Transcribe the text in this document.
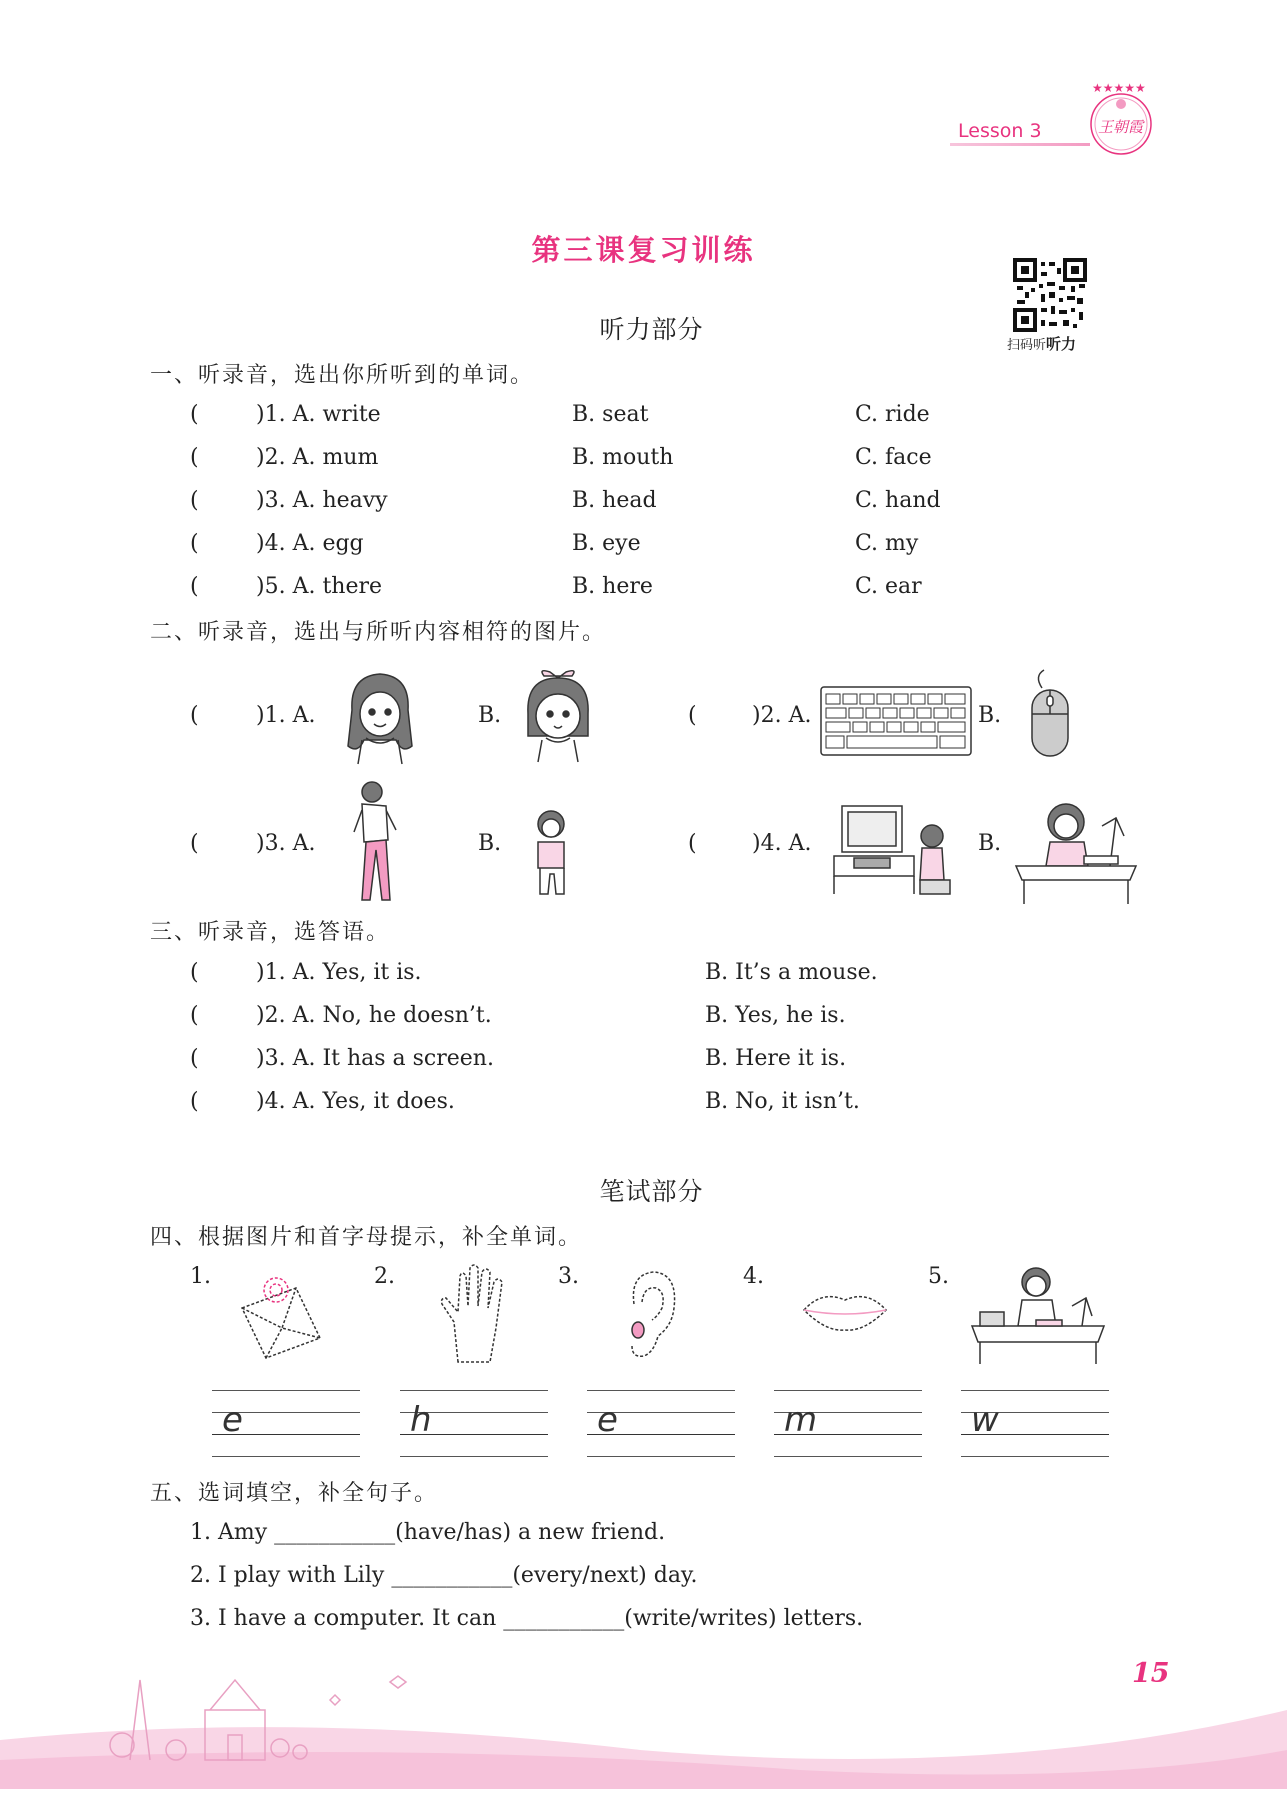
Lesson 3
★★★★★
王朝霞
第三课复习训练
扫码听听力
听力部分
一、听录音，选出你所听到的单词。
(	)1. A. write	B. seat	C. ride
(	)2. A. mum	B. mouth	C. face
(	)3. A. heavy	B. head	C. hand
(	)4. A. egg	B. eye	C. my
(	)5. A. there	B. here	C. ear
二、听录音，选出与所听内容相符的图片。
(	)1. A.	B.	(	)2. A.	B.
(	)3. A.	B.	(	)4. A.	B.
三、听录音，选答语。
(	)1. A. Yes, it is.	B. It’s a mouse.
(	)2. A. No, he doesn’t.	B. Yes, he is.
(	)3. A. It has a screen.	B. Here it is.
(	)4. A. Yes, it does.	B. No, it isn’t.
笔试部分
四、根据图片和首字母提示，补全单词。
1.	2.	3.	4.	5.
e	h	e	m	w
五、选词填空，补全句子。
1. Amy ___________(have/has) a new friend.
2. I play with Lily ___________(every/next) day.
3. I have a computer. It can ___________(write/writes) letters.
15
